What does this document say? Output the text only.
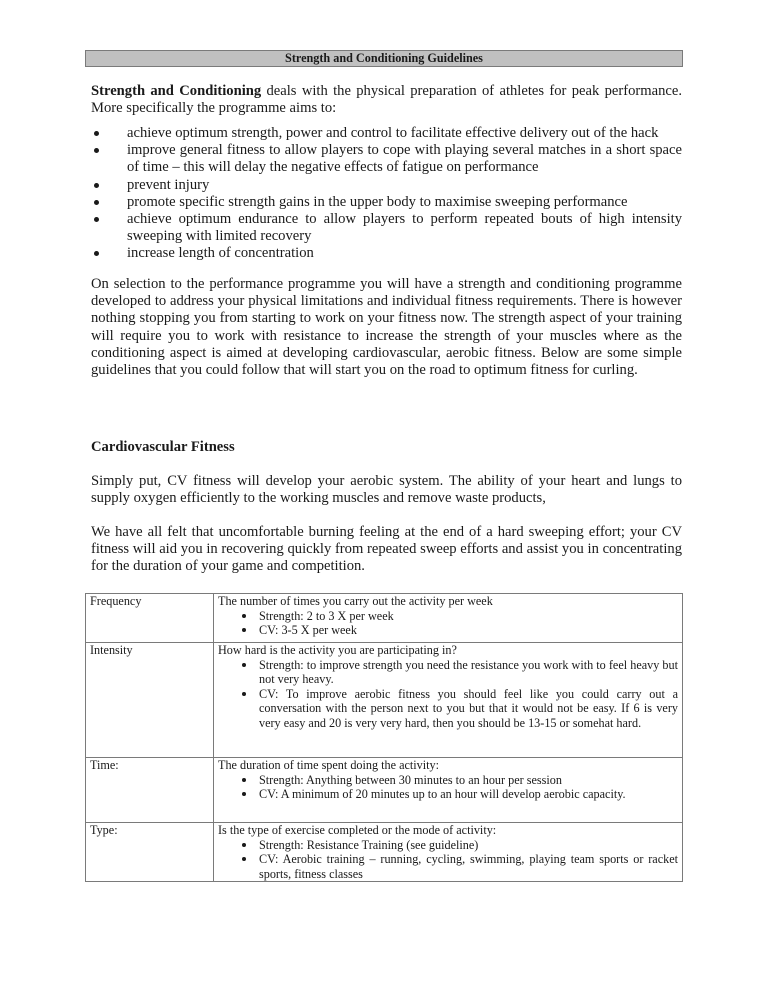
Strength and Conditioning Guidelines
Strength and Conditioning deals with the physical preparation of athletes for peak performance. More specifically the programme aims to:
achieve optimum strength, power and control to facilitate effective delivery out of the hack
improve general fitness to allow players to cope with playing several matches in a short space of time – this will delay the negative effects of fatigue on performance
prevent injury
promote specific strength gains in the upper body to maximise sweeping performance
achieve optimum endurance to allow players to perform repeated bouts of high intensity sweeping with limited recovery
increase length of concentration
On selection to the performance programme you will have a strength and conditioning programme developed to address your physical limitations and individual fitness requirements. There is however nothing stopping you from starting to work on your fitness now. The strength aspect of your training will require you to work with resistance to increase the strength of your muscles where as the conditioning aspect is aimed at developing cardiovascular, aerobic fitness. Below are some simple guidelines that you could follow that will start you on the road to optimum fitness for curling.
Cardiovascular Fitness
Simply put, CV fitness will develop your aerobic system. The ability of your heart and lungs to supply oxygen efficiently to the working muscles and remove waste products,
We have all felt that uncomfortable burning feeling at the end of a hard sweeping effort; your CV fitness will aid you in recovering quickly from repeated sweep efforts and assist you in concentrating for the duration of your game and competition.
Frequency	The number of times you carry out the activity per week
Strength: 2 to 3 X per week
CV: 3-5 X per week

Intensity	How hard is the activity you are participating in?
Strength: to improve strength you need the resistance you work with to feel heavy but not very heavy.
CV: To improve aerobic fitness you should feel like you could carry out a conversation with the person next to you but that it would not be easy. If 6 is very very easy and 20 is very very hard, then you should be 13-15 or somehat hard.

Time:	The duration of time spent doing the activity:
Strength: Anything between 30 minutes to an hour per session
CV: A minimum of 20 minutes up to an hour will develop aerobic capacity.

Type:	Is the type of exercise completed or the mode of activity:
Strength: Resistance Training (see guideline)
CV: Aerobic training – running, cycling, swimming, playing team sports or racket sports, fitness classes
